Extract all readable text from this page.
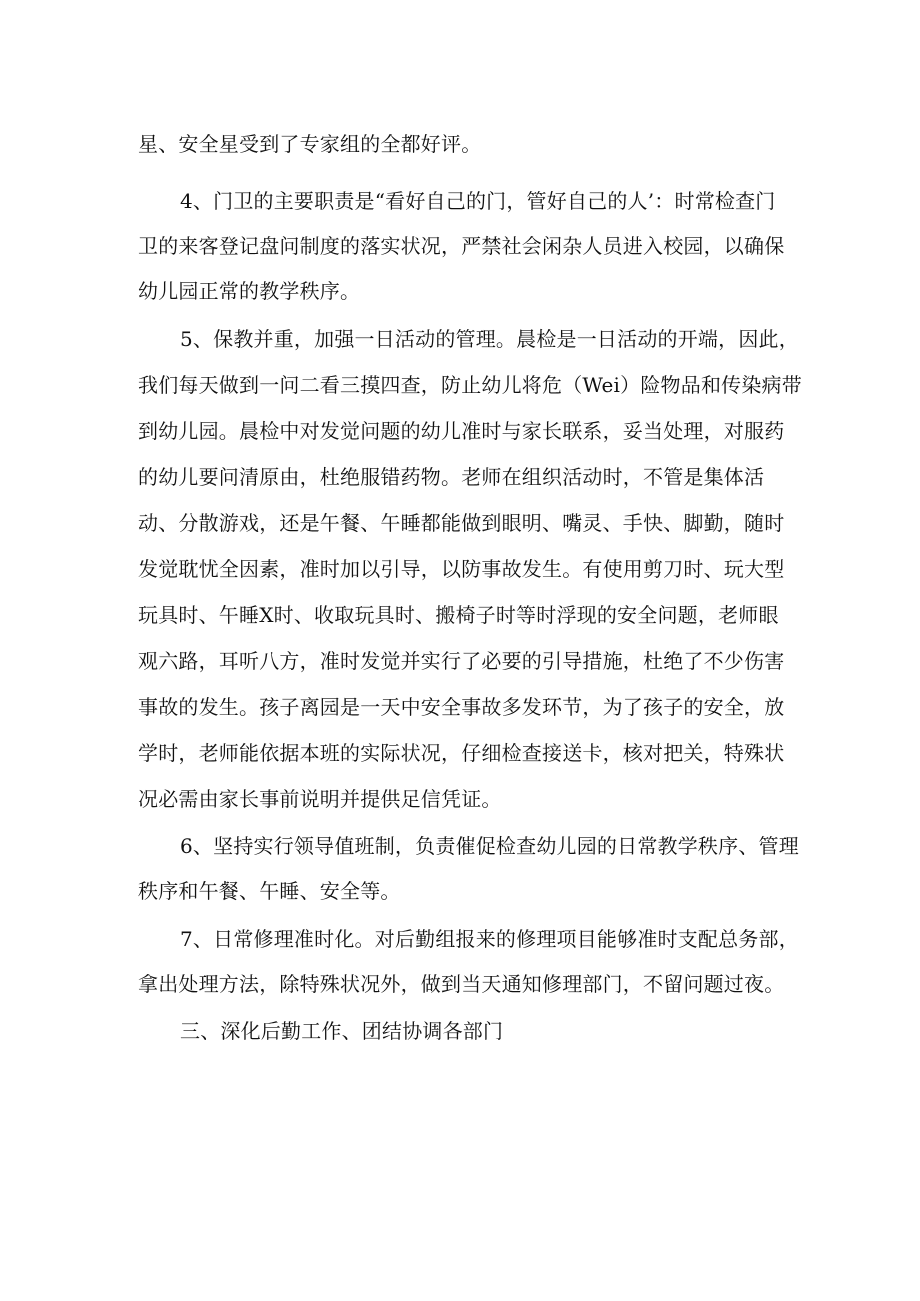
星、安全星受到了专家组的全都好评。
4、门卫的主要职责是“看好自己的门，管好自己的人’：时常检查门
卫的来客登记盘问制度的落实状况，严禁社会闲杂人员进入校园，以确保
幼儿园正常的教学秩序。
5、保教并重，加强一日活动的管理。晨检是一日活动的开端，因此，
我们每天做到一问二看三摸四查，防止幼儿将危（Wei）险物品和传染病带
到幼儿园。晨检中对发觉问题的幼儿准时与家长联系，妥当处理，对服药
的幼儿要问清原由，杜绝服错药物。老师在组织活动时，不管是集体活
动、分散游戏，还是午餐、午睡都能做到眼明、嘴灵、手快、脚勤，随时
发觉耽忧全因素，准时加以引导，以防事故发生。有使用剪刀时、玩大型
玩具时、午睡X时、收取玩具时、搬椅子时等时浮现的安全问题，老师眼
观六路，耳听八方，准时发觉并实行了必要的引导措施，杜绝了不少伤害
事故的发生。孩子离园是一天中安全事故多发环节，为了孩子的安全，放
学时，老师能依据本班的实际状况，仔细检查接送卡，核对把关，特殊状
况必需由家长事前说明并提供足信凭证。
6、坚持实行领导值班制，负责催促检查幼儿园的日常教学秩序、管理
秩序和午餐、午睡、安全等。
7、日常修理准时化。对后勤组报来的修理项目能够准时支配总务部，
拿出处理方法，除特殊状况外，做到当天通知修理部门，不留问题过夜。
三、深化后勤工作、团结协调各部门
